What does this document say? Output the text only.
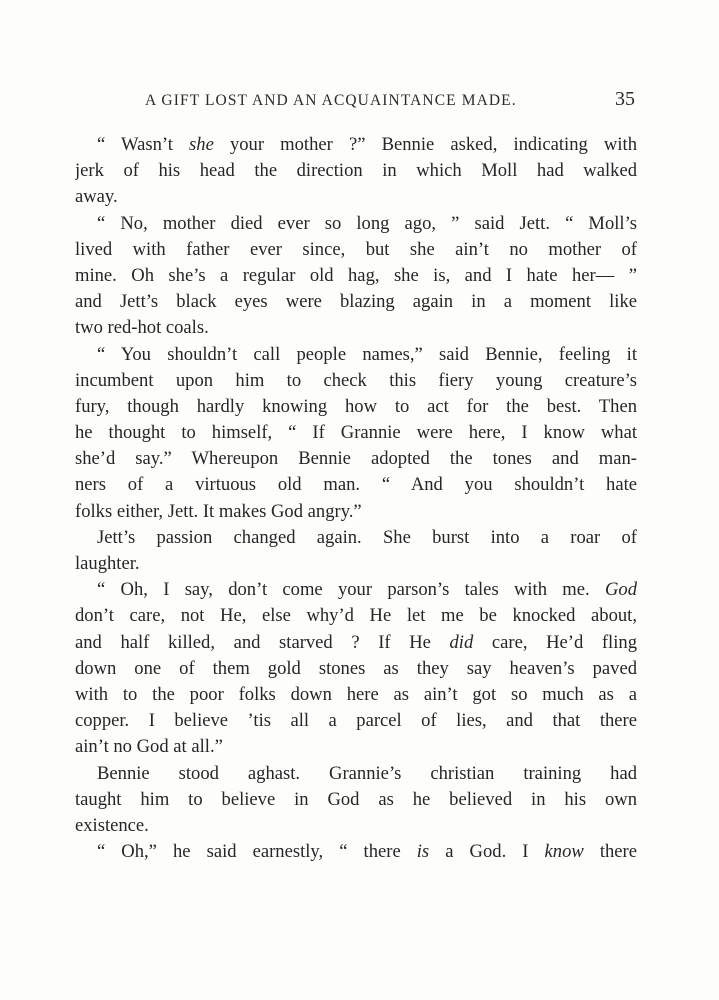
A GIFT LOST AND AN ACQUAINTANCE MADE.	35
“ Wasn’t she your mother ?” Bennie asked, indicating with
jerk of his head the direction in which Moll had walked
away.
“ No, mother died ever so long ago, ” said Jett. “ Moll’s
lived with father ever since, but she ain’t no mother of
mine. Oh she’s a regular old hag, she is, and I hate her— ”
and Jett’s black eyes were blazing again in a moment like
two red-hot coals.
“ You shouldn’t call people names,” said Bennie, feeling it
incumbent upon him to check this fiery young creature’s
fury, though hardly knowing how to act for the best. Then
he thought to himself, “ If Grannie were here, I know what
she’d say.” Whereupon Bennie adopted the tones and man-
ners of a virtuous old man. “ And you shouldn’t hate
folks either, Jett. It makes God angry.”
Jett’s passion changed again. She burst into a roar of
laughter.
“ Oh, I say, don’t come your parson’s tales with me. God
don’t care, not He, else why’d He let me be knocked about,
and half killed, and starved ? If He did care, He’d fling
down one of them gold stones as they say heaven’s paved
with to the poor folks down here as ain’t got so much as a
copper. I believe ’tis all a parcel of lies, and that there
ain’t no God at all.”
Bennie stood aghast. Grannie’s christian training had
taught him to believe in God as he believed in his own
existence.
“ Oh,” he said earnestly, “ there is a God. I know there
